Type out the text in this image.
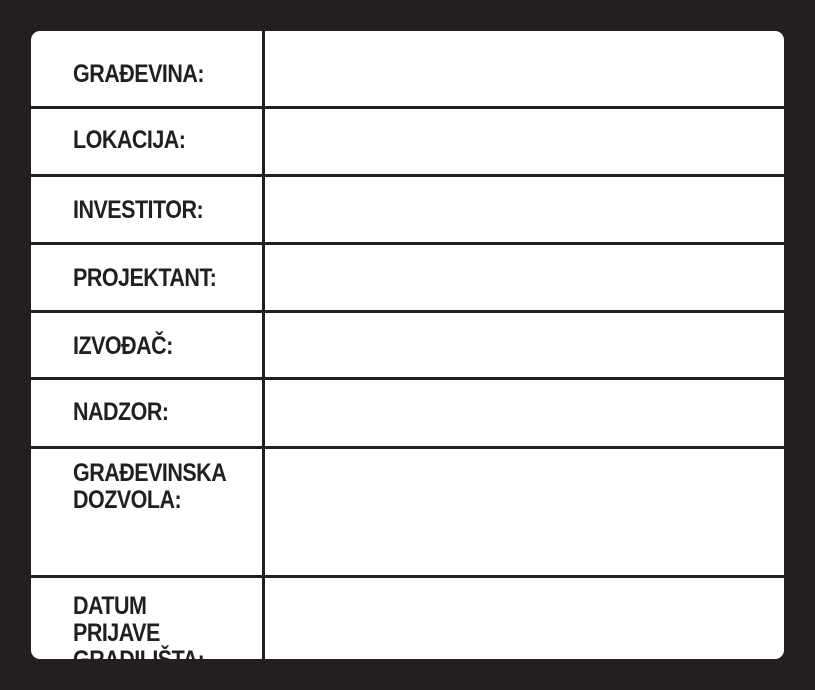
GRAĐEVINA:
LOKACIJA:
INVESTITOR:
PROJEKTANT:
IZVOĐAČ:
NADZOR:
GRAĐEVINSKA
DOZVOLA:
DATUM PRIJAVE
GRADILIŠTA:
